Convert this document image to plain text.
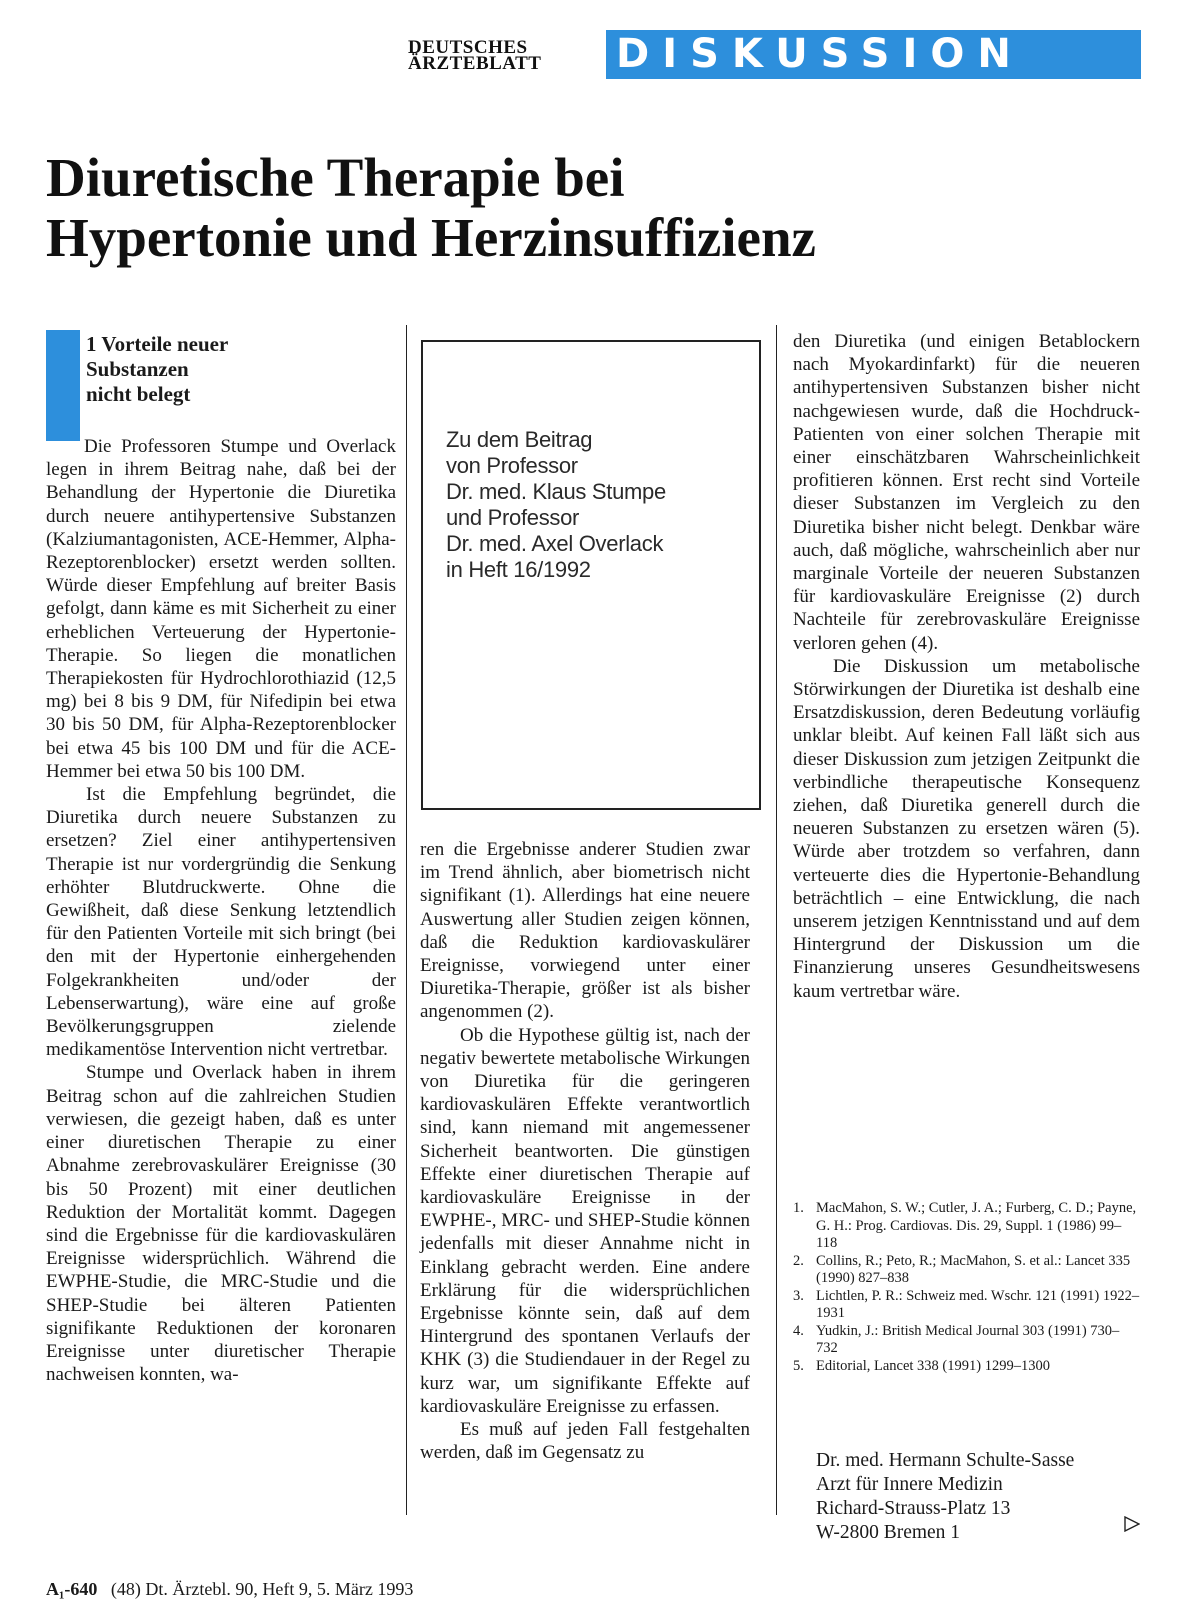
DEUTSCHES
ÄRZTEBLATT	DISKUSSION
Diuretische Therapie bei
Hypertonie und Herzinsuffizienz
1 Vorteile neuer
Substanzen
nicht belegt

Die Professoren Stumpe und Overlack legen in ihrem Beitrag nahe, daß bei der Behandlung der Hypertonie die Diuretika durch neuere antihypertensive Substanzen (Kalziumantagonisten, ACE-Hemmer, Alpha-Rezeptorenblocker) ersetzt werden sollten. Würde dieser Empfehlung auf breiter Basis gefolgt, dann käme es mit Sicherheit zu einer erheblichen Verteuerung der Hypertonie-Therapie. So liegen die monatlichen Therapiekosten für Hydrochlorothiazid (12,5 mg) bei 8 bis 9 DM, für Nifedipin bei etwa 30 bis 50 DM, für Alpha-Rezeptorenblocker bei etwa 45 bis 100 DM und für die ACE-Hemmer bei etwa 50 bis 100 DM.

Ist die Empfehlung begründet, die Diuretika durch neuere Substanzen zu ersetzen? Ziel einer antihypertensiven Therapie ist nur vordergründig die Senkung erhöhter Blutdruckwerte. Ohne die Gewißheit, daß diese Senkung letztendlich für den Patienten Vorteile mit sich bringt (bei den mit der Hypertonie einhergehenden Folgekrankheiten und/oder der Lebenserwartung), wäre eine auf große Bevölkerungsgruppen zielende medikamentöse Intervention nicht vertretbar.

Stumpe und Overlack haben in ihrem Beitrag schon auf die zahlreichen Studien verwiesen, die gezeigt haben, daß es unter einer diuretischen Therapie zu einer Abnahme zerebrovaskulärer Ereignisse (30 bis 50 Prozent) mit einer deutlichen Reduktion der Mortalität kommt. Dagegen sind die Ergebnisse für die kardiovaskulären Ereignisse widersprüchlich. Während die EWPHE-Studie, die MRC-Studie und die SHEP-Studie bei älteren Patienten signifikante Reduktionen der koronaren Ereignisse unter diuretischer Therapie nachweisen konnten, wa-

Zu dem Beitrag
von Professor
Dr. med. Klaus Stumpe
und Professor
Dr. med. Axel Overlack
in Heft 16/1992

ren die Ergebnisse anderer Studien zwar im Trend ähnlich, aber biometrisch nicht signifikant (1). Allerdings hat eine neuere Auswertung aller Studien zeigen können, daß die Reduktion kardiovaskulärer Ereignisse, vorwiegend unter einer Diuretika-Therapie, größer ist als bisher angenommen (2).

Ob die Hypothese gültig ist, nach der negativ bewertete metabolische Wirkungen von Diuretika für die geringeren kardiovaskulären Effekte verantwortlich sind, kann niemand mit angemessener Sicherheit beantworten. Die günstigen Effekte einer diuretischen Therapie auf kardiovaskuläre Ereignisse in der EWPHE-, MRC- und SHEP-Studie können jedenfalls mit dieser Annahme nicht in Einklang gebracht werden. Eine andere Erklärung für die widersprüchlichen Ergebnisse könnte sein, daß auf dem Hintergrund des spontanen Verlaufs der KHK (3) die Studiendauer in der Regel zu kurz war, um signifikante Effekte auf kardiovaskuläre Ereignisse zu erfassen.

Es muß auf jeden Fall festgehalten werden, daß im Gegensatz zu

den Diuretika (und einigen Betablockern nach Myokardinfarkt) für die neueren antihypertensiven Substanzen bisher nicht nachgewiesen wurde, daß die Hochdruck-Patienten von einer solchen Therapie mit einer einschätzbaren Wahrscheinlichkeit profitieren können. Erst recht sind Vorteile dieser Substanzen im Vergleich zu den Diuretika bisher nicht belegt. Denkbar wäre auch, daß mögliche, wahrscheinlich aber nur marginale Vorteile der neueren Substanzen für kardiovaskuläre Ereignisse (2) durch Nachteile für zerebrovaskuläre Ereignisse verloren gehen (4).

Die Diskussion um metabolische Störwirkungen der Diuretika ist deshalb eine Ersatzdiskussion, deren Bedeutung vorläufig unklar bleibt. Auf keinen Fall läßt sich aus dieser Diskussion zum jetzigen Zeitpunkt die verbindliche therapeutische Konsequenz ziehen, daß Diuretika generell durch die neueren Substanzen zu ersetzen wären (5). Würde aber trotzdem so verfahren, dann verteuerte dies die Hypertonie-Behandlung beträchtlich – eine Entwicklung, die nach unserem jetzigen Kenntnisstand und auf dem Hintergrund der Diskussion um die Finanzierung unseres Gesundheitswesens kaum vertretbar wäre.

1. MacMahon, S. W.; Cutler, J. A.; Furberg, C. D.; Payne, G. H.: Prog. Cardiovas. Dis. 29, Suppl. 1 (1986) 99–118
2. Collins, R.; Peto, R.; MacMahon, S. et al.: Lancet 335 (1990) 827–838
3. Lichtlen, P. R.: Schweiz med. Wschr. 121 (1991) 1922–1931
4. Yudkin, J.: British Medical Journal 303 (1991) 730–732
5. Editorial, Lancet 338 (1991) 1299–1300
Dr. med. Hermann Schulte-Sasse
Arzt für Innere Medizin
Richard-Strauss-Platz 13
W-2800 Bremen 1
A₁-640 (48) Dt. Ärztebl. 90, Heft 9, 5. März 1993
